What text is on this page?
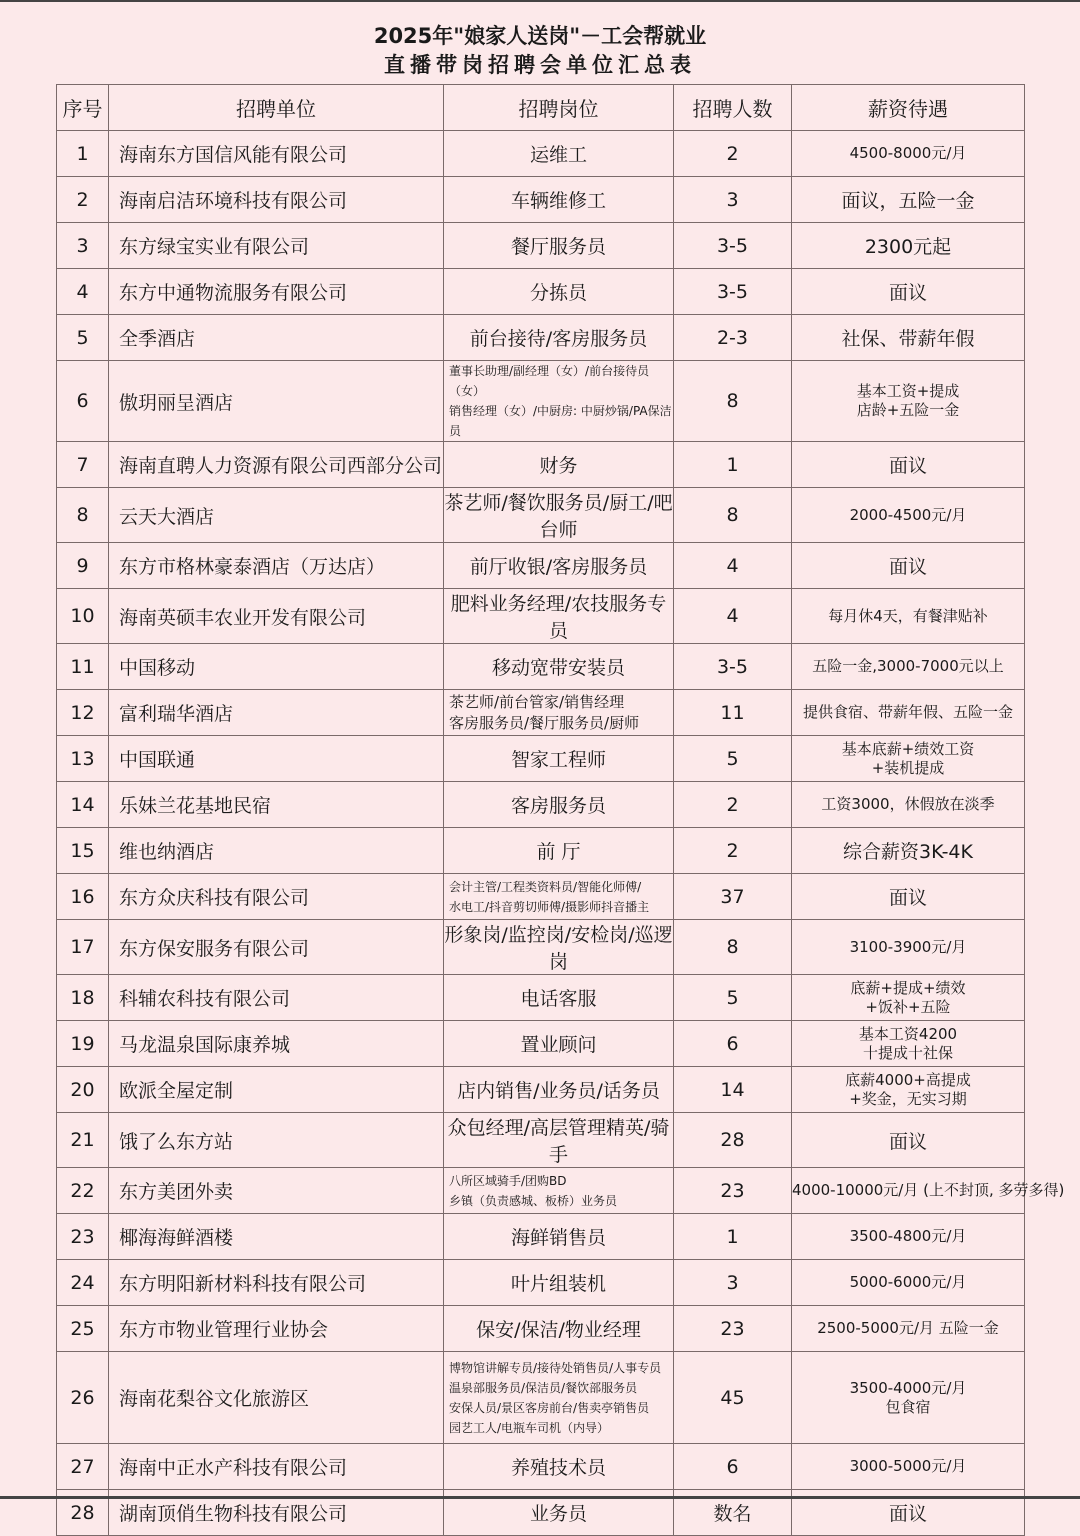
2025年"娘家人送岗"－工会帮就业
直播带岗招聘会单位汇总表
序号	招聘单位	招聘岗位	招聘人数	薪资待遇
1	海南东方国信风能有限公司	运维工	2	4500-8000元/月

2	海南启洁环境科技有限公司	车辆维修工	3	面议，五险一金

3	东方绿宝实业有限公司	餐厅服务员	3-5	2300元起

4	东方中通物流服务有限公司	分拣员	3-5	面议

5	全季酒店	前台接待/客房服务员	2-3	社保、带薪年假

6	傲玥丽呈酒店	董事长助理/副经理（女）/前台接待员（女）
销售经理（女）/中厨房: 中厨炒锅/PA保洁员	8	基本工资+提成
店龄+五险一金

7	海南直聘人力资源有限公司西部分公司	财务	1	面议

8	云天大酒店	茶艺师/餐饮服务员/厨工/吧台师	8	2000-4500元/月

9	东方市格林豪泰酒店（万达店）	前厅收银/客房服务员	4	面议

10	海南英硕丰农业开发有限公司	肥料业务经理/农技服务专员	4	每月休4天，有餐津贴补

11	中国移动	移动宽带安装员	3-5	五险一金,3000-7000元以上

12	富利瑞华酒店	茶艺师/前台管家/销售经理
客房服务员/餐厅服务员/厨师	11	提供食宿、带薪年假、五险一金

13	中国联通	智家工程师	5	基本底薪+绩效工资
+装机提成

14	乐妹兰花基地民宿	客房服务员	2	工资3000，休假放在淡季

15	维也纳酒店	前 厅	2	综合薪资3K-4K

16	东方众庆科技有限公司	会计主管/工程类资料员/智能化师傅/
水电工/抖音剪切师傅/摄影师抖音播主	37	面议

17	东方保安服务有限公司	形象岗/监控岗/安检岗/巡逻岗	8	3100-3900元/月

18	科辅农科技有限公司	电话客服	5	底薪+提成+绩效
+饭补+五险

19	马龙温泉国际康养城	置业顾问	6	基本工资4200
十提成十社保

20	欧派全屋定制	店内销售/业务员/话务员	14	底薪4000+高提成
+奖金，无实习期

21	饿了么东方站	众包经理/高层管理精英/骑手	28	面议

22	东方美团外卖	八所区域骑手/团购BD
乡镇（负责感城、板桥）业务员	23	4000-10000元/月 (上不封顶, 多劳多得)

23	椰海海鲜酒楼	海鲜销售员	1	3500-4800元/月

24	东方明阳新材料科技有限公司	叶片组装机	3	5000-6000元/月

25	东方市物业管理行业协会	保安/保洁/物业经理	23	2500-5000元/月 五险一金

26	海南花梨谷文化旅游区	博物馆讲解专员/接待处销售员/人事专员
温泉部服务员/保洁员/餐饮部服务员
安保人员/景区客房前台/售卖亭销售员
园艺工人/电瓶车司机（内导）	45	3500-4000元/月
包食宿

27	海南中正水产科技有限公司	养殖技术员	6	3000-5000元/月

28	湖南顶俏生物科技有限公司	业务员	数名	面议
